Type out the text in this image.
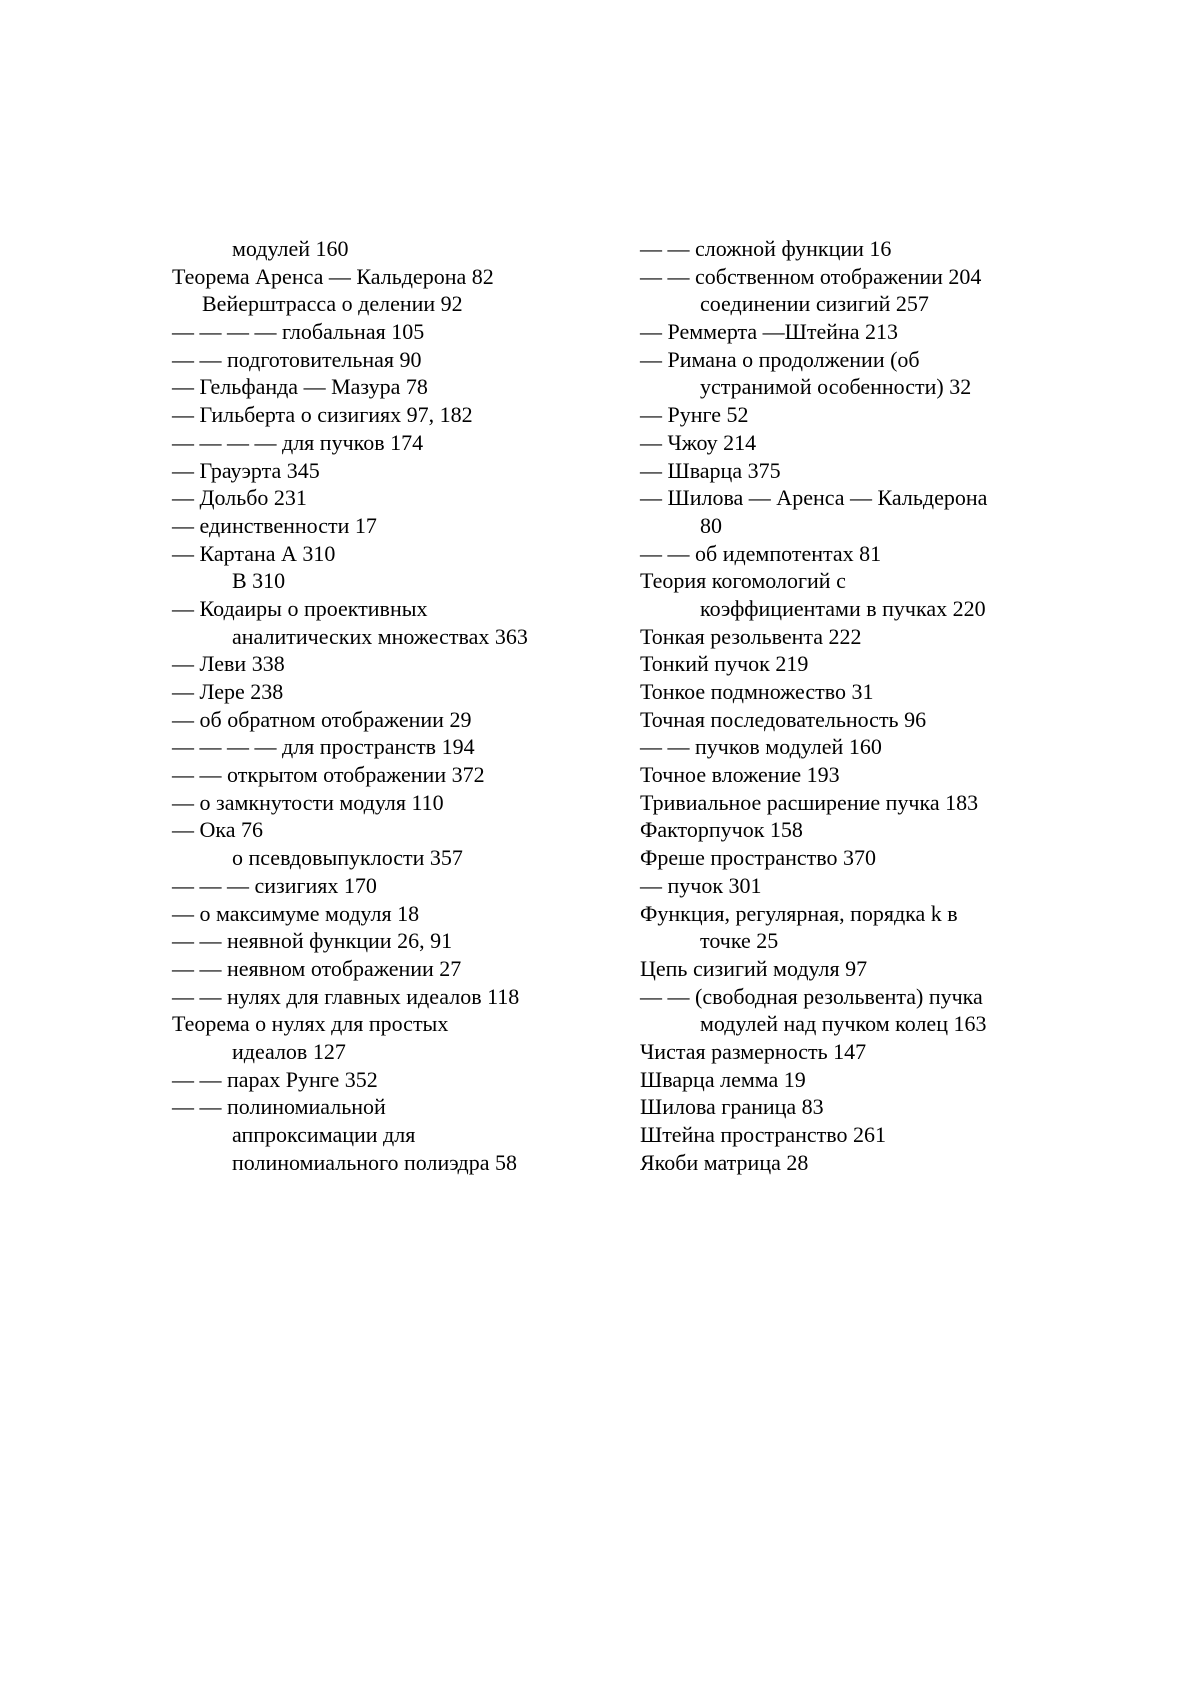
модулей 160
Теорема Аренса — Кальдерона 82
Вейерштрасса о делении 92
— — — — глобальная 105
— — подготовительная 90
— Гельфанда — Мазура 78
— Гильберта о сизигиях 97, 182
— — — — для пучков 174
— Грауэрта 345
— Дольбо 231
— единственности 17
— Картана А 310
В 310
— Кодаиры о проективных
аналитических множествах 363
— Леви 338
— Лере 238
— об обратном отображении 29
— — — — для пространств 194
— — открытом отображении 372
— о замкнутости модуля 110
— Ока 76
о псевдовыпуклости 357
— — — сизигиях 170
— о максимуме модуля 18
— — неявной функции 26, 91
— — неявном отображении 27
— — нулях для главных идеалов 118
Теорема о нулях для простых
идеалов 127
— — парах Рунге 352
— — полиномиальной
аппроксимации для
полиномиального полиэдра 58
— — сложной функции 16
— — собственном отображении 204
соединении сизигий 257
— Реммерта —Штейна 213
— Римана о продолжении (об
устранимой особенности) 32
— Рунге 52
— Чжоу 214
— Шварца 375
— Шилова — Аренса — Кальдерона
80
— — об идемпотентах 81
Теория когомологий с
коэффициентами в пучках 220
Тонкая резольвента 222
Тонкий пучок 219
Тонкое подмножество 31
Точная последовательность 96
— — пучков модулей 160
Точное вложение 193
Тривиальное расширение пучка 183
Факторпучок 158
Фреше пространство 370
— пучок 301
Функция, регулярная, порядка k в
точке 25
Цепь сизигий модуля 97
— — (свободная резольвента) пучка
модулей над пучком колец 163
Чистая размерность 147
Шварца лемма 19
Шилова граница 83
Штейна пространство 261
Якоби матрица 28
